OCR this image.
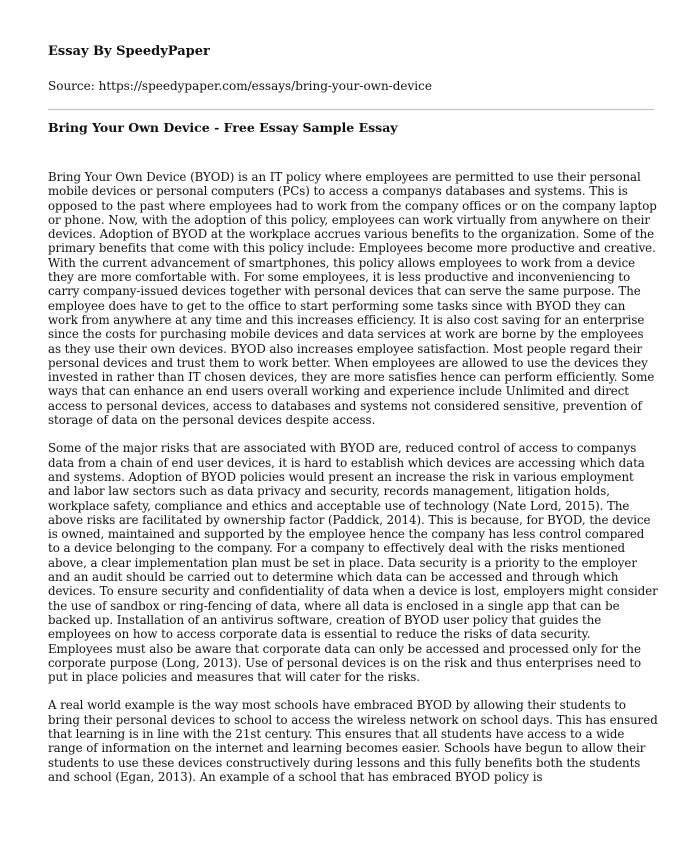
Essay By SpeedyPaper

Source: https://speedypaper.com/essays/bring-your-own-device
Bring Your Own Device - Free Essay Sample Essay

Bring Your Own Device (BYOD) is an IT policy where employees are permitted to use their personal mobile devices or personal computers (PCs) to access a companys databases and systems. This is opposed to the past where employees had to work from the company offices or on the company laptop or phone. Now, with the adoption of this policy, employees can work virtually from anywhere on their devices. Adoption of BYOD at the workplace accrues various benefits to the organization. Some of the primary benefits that come with this policy include: Employees become more productive and creative. With the current advancement of smartphones, this policy allows employees to work from a device they are more comfortable with. For some employees, it is less productive and inconveniencing to carry company-issued devices together with personal devices that can serve the same purpose. The employee does have to get to the office to start performing some tasks since with BYOD they can work from anywhere at any time and this increases efficiency. It is also cost saving for an enterprise since the costs for purchasing mobile devices and data services at work are borne by the employees as they use their own devices. BYOD also increases employee satisfaction. Most people regard their personal devices and trust them to work better. When employees are allowed to use the devices they invested in rather than IT chosen devices, they are more satisfies hence can perform efficiently. Some ways that can enhance an end users overall working and experience include Unlimited and direct access to personal devices, access to databases and systems not considered sensitive, prevention of storage of data on the personal devices despite access.

Some of the major risks that are associated with BYOD are, reduced control of access to companys data from a chain of end user devices, it is hard to establish which devices are accessing which data and systems. Adoption of BYOD policies would present an increase the risk in various employment and labor law sectors such as data privacy and security, records management, litigation holds, workplace safety, compliance and ethics and acceptable use of technology (Nate Lord, 2015). The above risks are facilitated by ownership factor (Paddick, 2014). This is because, for BYOD, the device is owned, maintained and supported by the employee hence the company has less control compared to a device belonging to the company. For a company to effectively deal with the risks mentioned above, a clear implementation plan must be set in place. Data security is a priority to the employer and an audit should be carried out to determine which data can be accessed and through which devices. To ensure security and confidentiality of data when a device is lost, employers might consider the use of sandbox or ring-fencing of data, where all data is enclosed in a single app that can be backed up. Installation of an antivirus software, creation of BYOD user policy that guides the employees on how to access corporate data is essential to reduce the risks of data security. Employees must also be aware that corporate data can only be accessed and processed only for the corporate purpose (Long, 2013). Use of personal devices is on the risk and thus enterprises need to put in place policies and measures that will cater for the risks.

A real world example is the way most schools have embraced BYOD by allowing their students to bring their personal devices to school to access the wireless network on school days. This has ensured that learning is in line with the 21st century. This ensures that all students have access to a wide range of information on the internet and learning becomes easier. Schools have begun to allow their students to use these devices constructively during lessons and this fully benefits both the students and school (Egan, 2013). An example of a school that has embraced BYOD policy is
